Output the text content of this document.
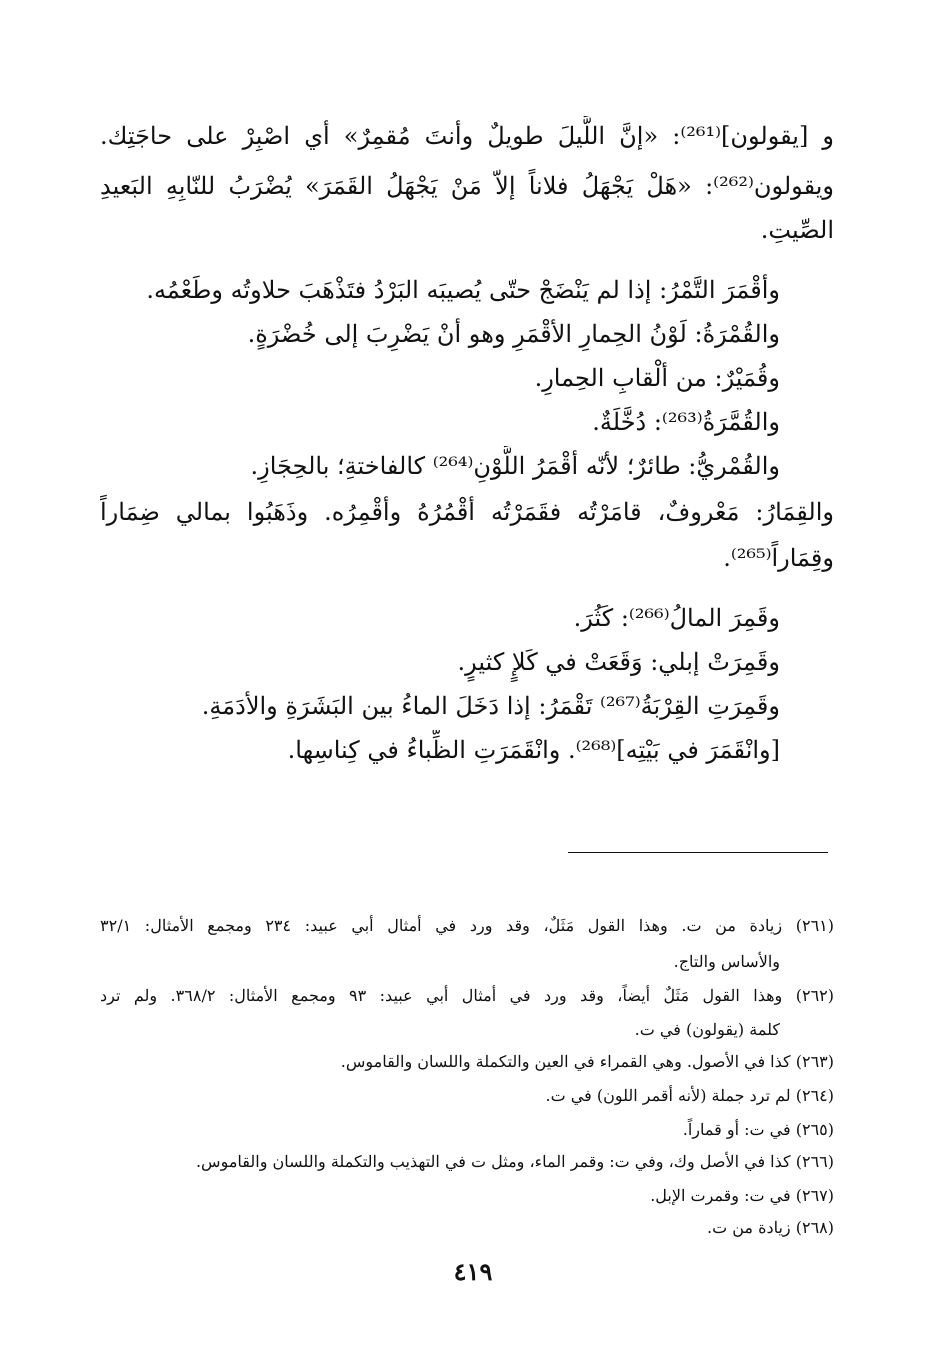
و [يقولون]⁽²⁶¹⁾: «إنَّ اللَّيلَ طويلٌ وأنتَ مُقمِرٌ» أي اصْبِرْ على حاجَتِك.
ويقولون⁽²⁶²⁾: «هَلْ يَجْهَلُ فلاناً إلاّ مَنْ يَجْهَلُ القَمَرَ» يُضْرَبُ للنّابِهِ البَعيدِ
الصِّيتِ.
وأقْمَرَ التَّمْرُ: إذا لم يَنْضَجْ حتّى يُصيبَه البَرْدُ فتَذْهَبَ حلاوتُه وطَعْمُه.
والقُمْرَةُ: لَوْنُ الحِمارِ الأقْمَرِ وهو أنْ يَضْرِبَ إلى خُضْرَةٍ.
وقُمَيْرٌ: من ألْقابِ الحِمارِ.
والقُمَّرَةُ⁽²⁶³⁾: دُخَّلَةٌ.
والقُمْريُّ: طائرٌ؛ لأنّه أقْمَرُ اللَّوْنِ⁽²⁶⁴⁾ كالفاختةِ؛ بالحِجَازِ.
والقِمَارُ: مَعْروفٌ، قامَرْتُه فقَمَرْتُه أقْمُرُهُ وأقْمِرُه. وذَهَبُوا بمالي ضِمَاراً
وقِمَاراً⁽²⁶⁵⁾.
وقَمِرَ المالُ⁽²⁶⁶⁾: كَثُرَ.
وقَمِرَتْ إبلي: وَقَعَتْ في كَلإٍ كثيرٍ.
وقَمِرَتِ القِرْبَةُ⁽²⁶⁷⁾ تَقْمَرُ: إذا دَخَلَ الماءُ بين البَشَرَةِ والأدَمَةِ.
[وانْقَمَرَ في بَيْتِه]⁽²⁶⁸⁾. وانْقَمَرَتِ الظِّباءُ في كِناسِها.
(٢٦١) زيادة من ت. وهذا القول مَثَلٌ، وقد ورد في أمثال أبي عبيد: ٢٣٤ ومجمع الأمثال: ٣٢/١
والأساس والتاج.
(٢٦٢) وهذا القول مَثَلٌ أيضاً، وقد ورد في أمثال أبي عبيد: ٩٣ ومجمع الأمثال: ٣٦٨/٢. ولم ترد
كلمة (يقولون) في ت.
(٢٦٣) كذا في الأصول. وهي القمراء في العين والتكملة واللسان والقاموس.
(٢٦٤) لم ترد جملة (لأنه أقمر اللون) في ت.
(٢٦٥) في ت: أو قماراً.
(٢٦٦) كذا في الأصل وك، وفي ت: وقمر الماء، ومثل ت في التهذيب والتكملة واللسان والقاموس.
(٢٦٧) في ت: وقمرت الإبل.
(٢٦٨) زيادة من ت.
٤١٩
